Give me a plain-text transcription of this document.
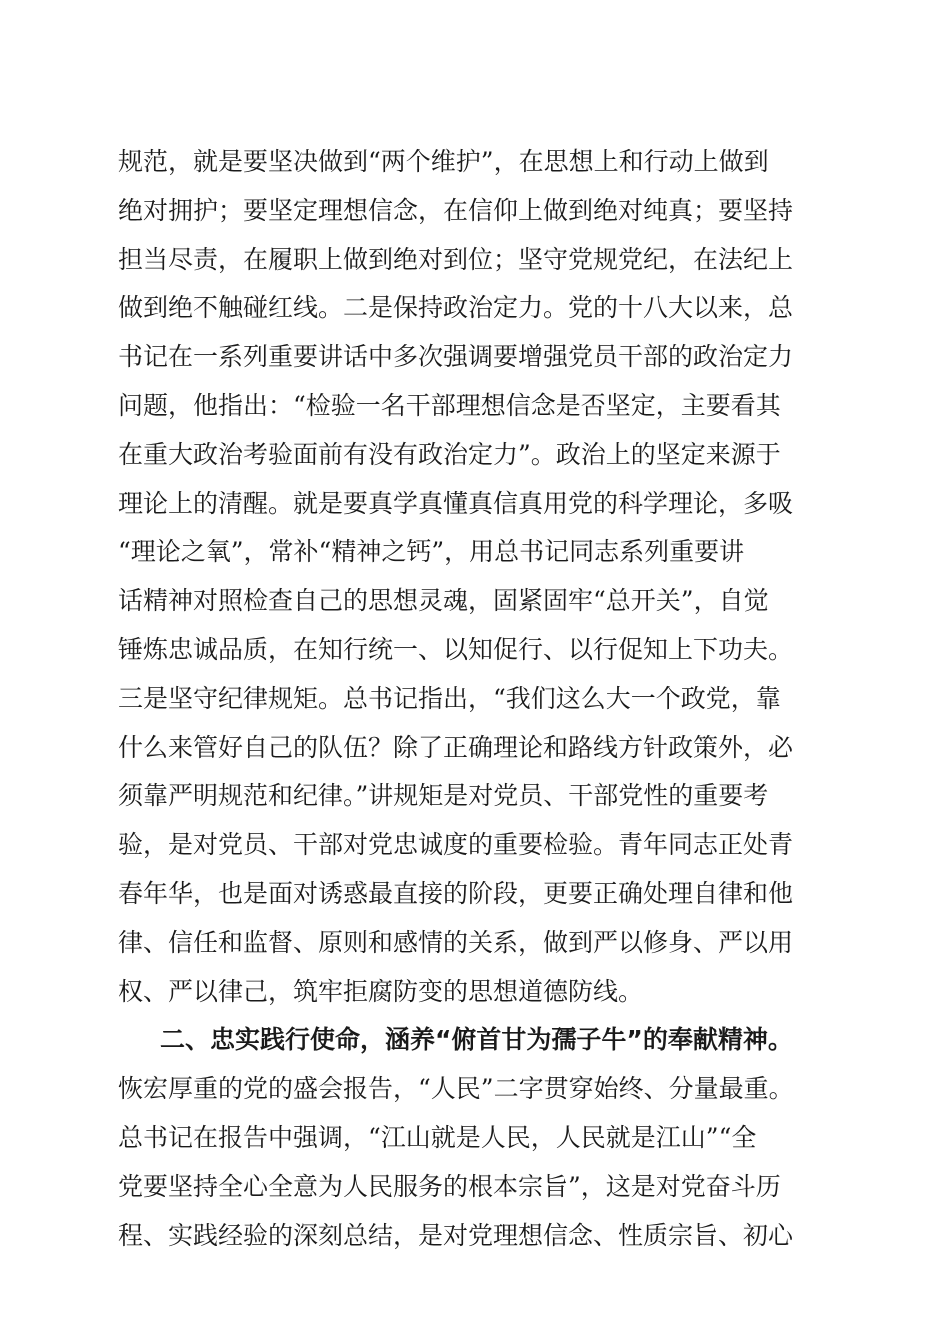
规范，就是要坚决做到“两个维护”，在思想上和行动上做到
绝对拥护；要坚定理想信念，在信仰上做到绝对纯真；要坚持
担当尽责，在履职上做到绝对到位；坚守党规党纪，在法纪上
做到绝不触碰红线。二是保持政治定力。党的十八大以来，总
书记在一系列重要讲话中多次强调要增强党员干部的政治定力
问题，他指出：“检验一名干部理想信念是否坚定，主要看其
在重大政治考验面前有没有政治定力”。政治上的坚定来源于
理论上的清醒。就是要真学真懂真信真用党的科学理论，多吸
“理论之氧”，常补“精神之钙”，用总书记同志系列重要讲
话精神对照检查自己的思想灵魂，固紧固牢“总开关”，自觉
锤炼忠诚品质，在知行统一、以知促行、以行促知上下功夫。
三是坚守纪律规矩。总书记指出，“我们这么大一个政党，靠
什么来管好自己的队伍？除了正确理论和路线方针政策外，必
须靠严明规范和纪律。”讲规矩是对党员、干部党性的重要考
验，是对党员、干部对党忠诚度的重要检验。青年同志正处青
春年华，也是面对诱惑最直接的阶段，更要正确处理自律和他
律、信任和监督、原则和感情的关系，做到严以修身、严以用
权、严以律己，筑牢拒腐防变的思想道德防线。
二、忠实践行使命，涵养“俯首甘为孺子牛”的奉献精神。
恢宏厚重的党的盛会报告，“人民”二字贯穿始终、分量最重。
总书记在报告中强调，“江山就是人民，人民就是江山”“全
党要坚持全心全意为人民服务的根本宗旨”，这是对党奋斗历
程、实践经验的深刻总结，是对党理想信念、性质宗旨、初心
